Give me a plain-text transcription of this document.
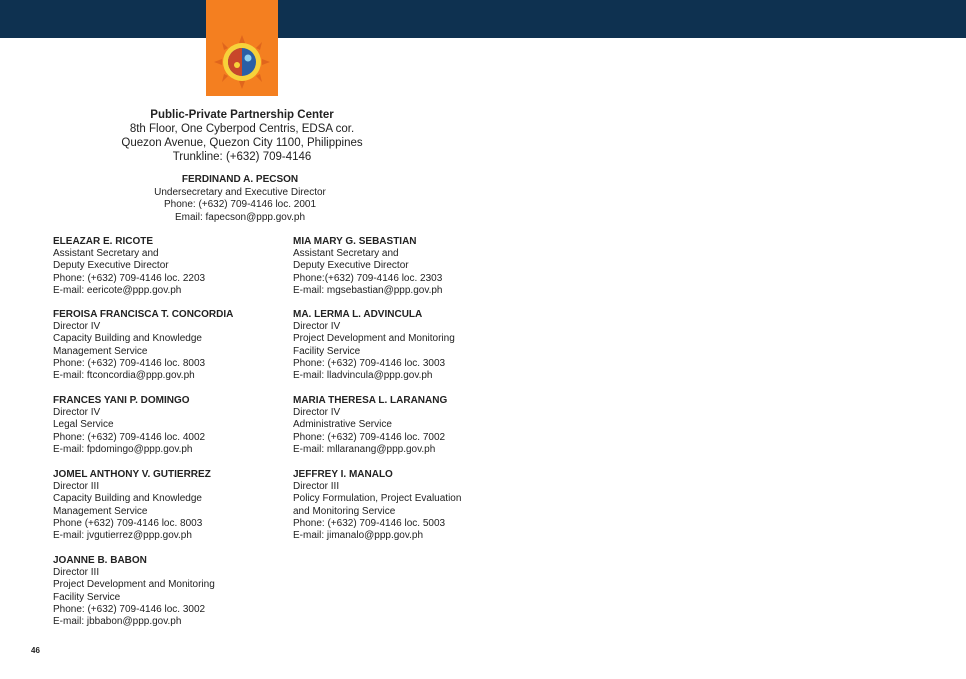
Public-Private Partnership Center
8th Floor, One Cyberpod Centris, EDSA cor.
Quezon Avenue, Quezon City 1100, Philippines
Trunkline: (+632) 709-4146
FERDINAND A. PECSON
Undersecretary and Executive Director
Phone: (+632) 709-4146 loc. 2001
Email: fapecson@ppp.gov.ph
ELEAZAR E. RICOTE
Assistant Secretary and
Deputy Executive Director
Phone: (+632) 709-4146 loc. 2203
E-mail: eericote@ppp.gov.ph
FEROISA FRANCISCA T. CONCORDIA
Director IV
Capacity Building and Knowledge
Management Service
Phone: (+632) 709-4146 loc. 8003
E-mail: ftconcordia@ppp.gov.ph
FRANCES YANI P. DOMINGO
Director IV
Legal Service
Phone: (+632) 709-4146 loc. 4002
E-mail: fpdomingo@ppp.gov.ph
JOMEL ANTHONY V. GUTIERREZ
Director III
Capacity Building and Knowledge
Management Service
Phone (+632) 709-4146 loc. 8003
E-mail: jvgutierrez@ppp.gov.ph
JOANNE B. BABON
Director III
Project Development and Monitoring
Facility Service
Phone: (+632) 709-4146 loc. 3002
E-mail: jbbabon@ppp.gov.ph
MIA MARY G. SEBASTIAN
Assistant Secretary and
Deputy Executive Director
Phone:(+632) 709-4146 loc. 2303
E-mail: mgsebastian@ppp.gov.ph
MA. LERMA L. ADVINCULA
Director IV
Project Development and Monitoring
Facility Service
Phone: (+632) 709-4146 loc. 3003
E-mail: lladvincula@ppp.gov.ph
MARIA THERESA L. LARANANG
Director IV
Administrative Service
Phone: (+632) 709-4146 loc. 7002
E-mail: mllaranang@ppp.gov.ph
JEFFREY I. MANALO
Director III
Policy Formulation, Project Evaluation
and Monitoring Service
Phone: (+632) 709-4146 loc. 5003
E-mail: jimanalo@ppp.gov.ph
46
